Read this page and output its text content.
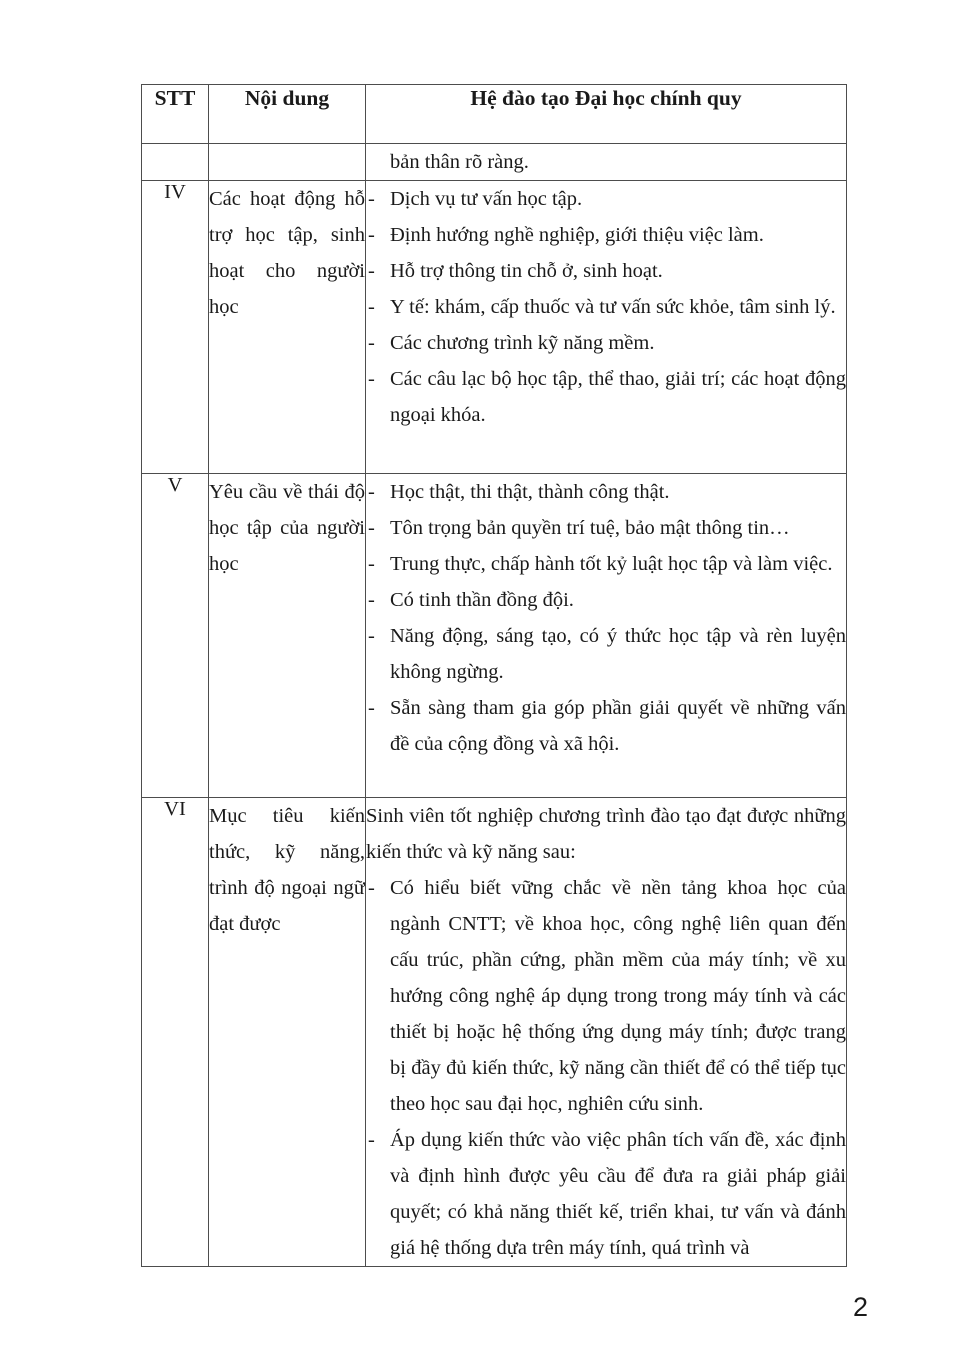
STT	Nội dung	Hệ đào tạo Đại học chính quy

		bản thân rõ ràng.

IV	Các hoạt động hỗ trợ học tập, sinh hoạt cho người học	
- Dịch vụ tư vấn học tập.
- Định hướng nghề nghiệp, giới thiệu việc làm.
- Hỗ trợ thông tin chỗ ở, sinh hoạt.
- Y tế: khám, cấp thuốc và tư vấn sức khỏe, tâm sinh lý.
- Các chương trình kỹ năng mềm.
- Các câu lạc bộ học tập, thể thao, giải trí; các hoạt động ngoại khóa.

V	Yêu cầu về thái độ học tập của người học	
- Học thật, thi thật, thành công thật.
- Tôn trọng bản quyền trí tuệ, bảo mật thông tin…
- Trung thực, chấp hành tốt kỷ luật học tập và làm việc.
- Có tinh thần đồng đội.
- Năng động, sáng tạo, có ý thức học tập và rèn luyện không ngừng.
- Sẵn sàng tham gia góp phần giải quyết về những vấn đề của cộng đồng và xã hội.

VI	Mục tiêu kiến thức, kỹ năng, trình độ ngoại ngữ đạt được	Sinh viên tốt nghiệp chương trình đào tạo đạt được những kiến thức và kỹ năng sau:
- Có hiểu biết vững chắc về nền tảng khoa học của ngành CNTT; về khoa học, công nghệ liên quan đến cấu trúc, phần cứng, phần mềm của máy tính; về xu hướng công nghệ áp dụng trong trong máy tính và các thiết bị hoặc hệ thống ứng dụng máy tính; được trang bị đầy đủ kiến thức, kỹ năng cần thiết để có thể tiếp tục theo học sau đại học, nghiên cứu sinh.
- Áp dụng kiến thức vào việc phân tích vấn đề, xác định và định hình được yêu cầu để đưa ra giải pháp giải quyết; có khả năng thiết kế, triển khai, tư vấn và đánh giá hệ thống dựa trên máy tính, quá trình và
2
